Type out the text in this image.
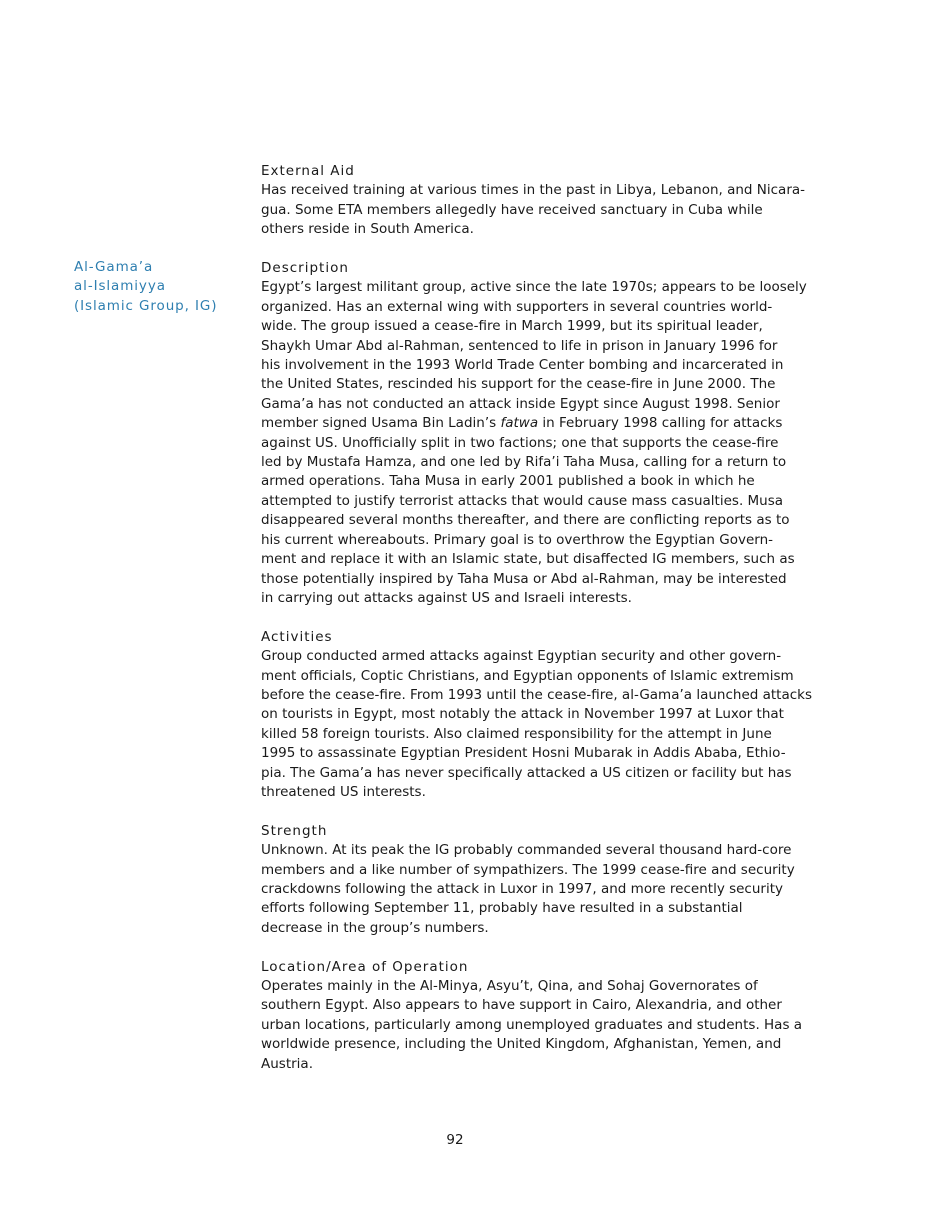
Al-Gama’a
al-Islamiyya
(Islamic Group, IG)
External Aid

Has received training at various times in the past in Libya, Lebanon, and Nicara-
gua. Some ETA members allegedly have received sanctuary in Cuba while
others reside in South America.

Description

Egypt’s largest militant group, active since the late 1970s; appears to be loosely
organized. Has an external wing with supporters in several countries world-
wide. The group issued a cease-fire in March 1999, but its spiritual leader,
Shaykh Umar Abd al-Rahman, sentenced to life in prison in January 1996 for
his involvement in the 1993 World Trade Center bombing and incarcerated in
the United States, rescinded his support for the cease-fire in June 2000. The
Gama’a has not conducted an attack inside Egypt since August 1998. Senior
member signed Usama Bin Ladin’s fatwa in February 1998 calling for attacks
against US. Unofficially split in two factions; one that supports the cease-fire
led by Mustafa Hamza, and one led by Rifa’i Taha Musa, calling for a return to
armed operations. Taha Musa in early 2001 published a book in which he
attempted to justify terrorist attacks that would cause mass casualties. Musa
disappeared several months thereafter, and there are conflicting reports as to
his current whereabouts. Primary goal is to overthrow the Egyptian Govern-
ment and replace it with an Islamic state, but disaffected IG members, such as
those potentially inspired by Taha Musa or Abd al-Rahman, may be interested
in carrying out attacks against US and Israeli interests.

Activities

Group conducted armed attacks against Egyptian security and other govern-
ment officials, Coptic Christians, and Egyptian opponents of Islamic extremism
before the cease-fire. From 1993 until the cease-fire, al-Gama’a launched attacks
on tourists in Egypt, most notably the attack in November 1997 at Luxor that
killed 58 foreign tourists. Also claimed responsibility for the attempt in June
1995 to assassinate Egyptian President Hosni Mubarak in Addis Ababa, Ethio-
pia. The Gama’a has never specifically attacked a US citizen or facility but has
threatened US interests.

Strength

Unknown. At its peak the IG probably commanded several thousand hard-core
members and a like number of sympathizers. The 1999 cease-fire and security
crackdowns following the attack in Luxor in 1997, and more recently security
efforts following September 11, probably have resulted in a substantial
decrease in the group’s numbers.

Location/Area of Operation

Operates mainly in the Al-Minya, Asyu’t, Qina, and Sohaj Governorates of
southern Egypt. Also appears to have support in Cairo, Alexandria, and other
urban locations, particularly among unemployed graduates and students. Has a
worldwide presence, including the United Kingdom, Afghanistan, Yemen, and
Austria.

92
